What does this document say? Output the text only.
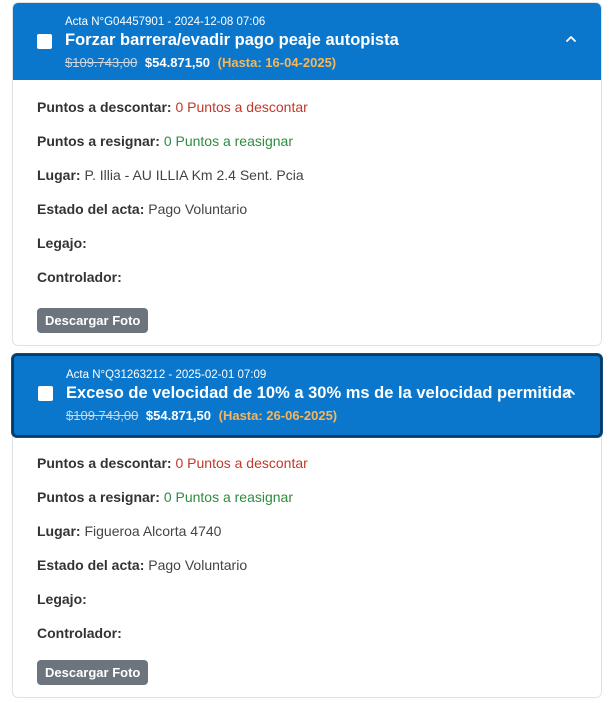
Acta N°G04457901 - 2024-12-08 07:06
Forzar barrera/evadir pago peaje autopista
$109.743,00 $54.871,50 (Hasta: 16-04-2025)
Puntos a descontar: 0 Puntos a descontar
Puntos a resignar: 0 Puntos a reasignar
Lugar: P. Illia - AU ILLIA Km 2.4 Sent. Pcia
Estado del acta: Pago Voluntario
Legajo:
Controlador:
Descargar Foto
Acta N°Q31263212 - 2025-02-01 07:09
Exceso de velocidad de 10% a 30% ms de la velocidad permitida
$109.743,00 $54.871,50 (Hasta: 26-06-2025)
Puntos a descontar: 0 Puntos a descontar
Puntos a resignar: 0 Puntos a reasignar
Lugar: Figueroa Alcorta 4740
Estado del acta: Pago Voluntario
Legajo:
Controlador:
Descargar Foto
